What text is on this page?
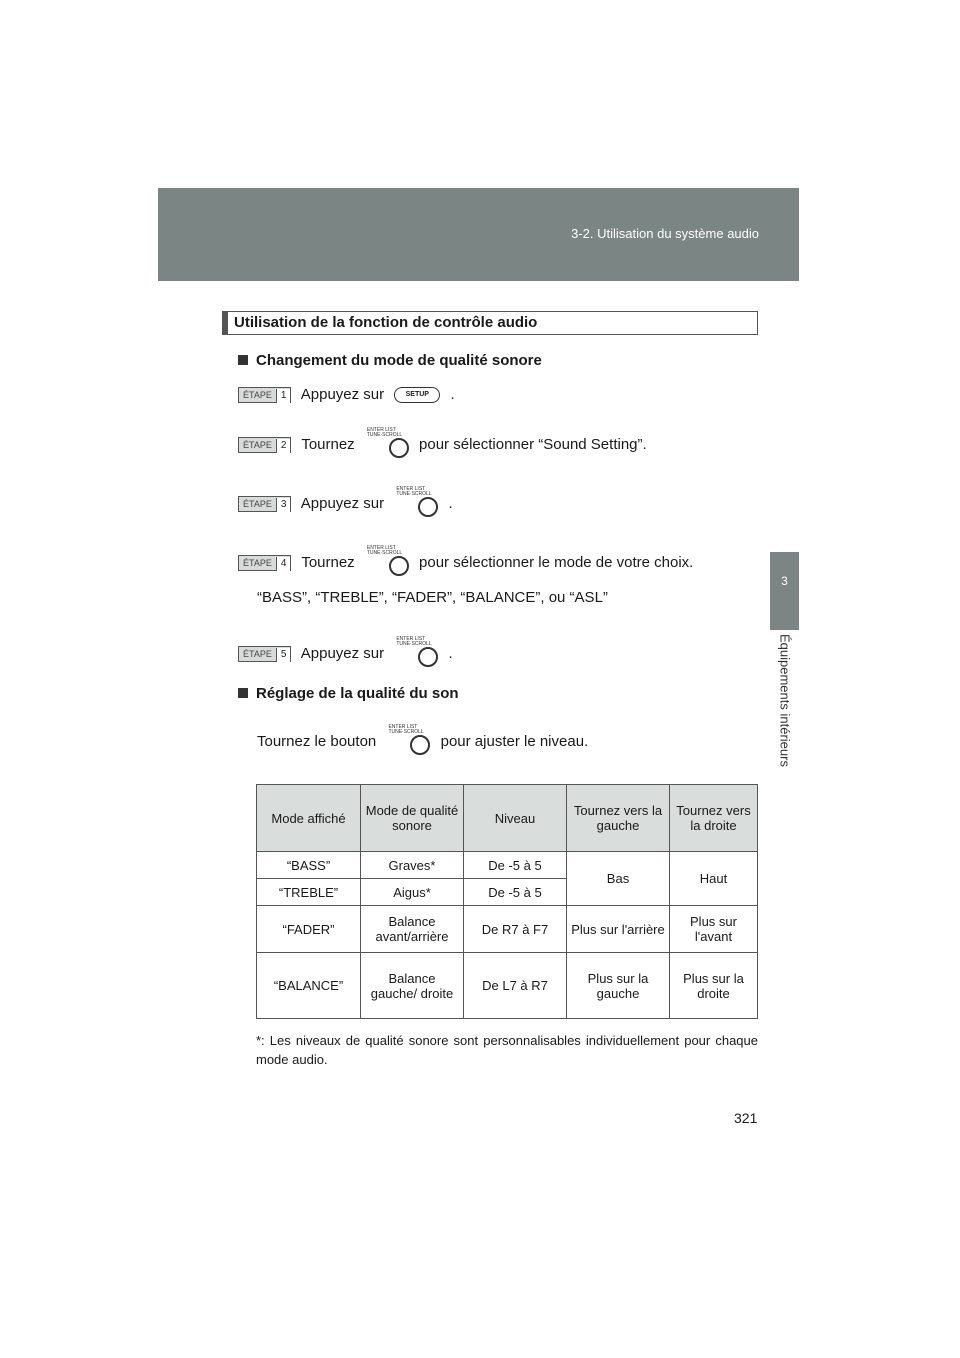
3-2. Utilisation du système audio
3
Équipements intérieurs
Utilisation de la fonction de contrôle audio
Changement du mode de qualité sonore
ÉTAPE 1 Appuyez sur	SETUP .
ÉTAPE 2 Tournez
ENTER LIST TUNE·SCROLL
pour sélectionner “Sound Setting”.
ÉTAPE 3 Appuyez sur
ENTER LIST TUNE·SCROLL
.
ÉTAPE 4 Tournez
ENTER LIST TUNE·SCROLL
pour sélectionner le mode de votre choix.
“BASS”, “TREBLE”, “FADER”, “BALANCE”, ou “ASL”
ÉTAPE 5 Appuyez sur
ENTER LIST TUNE·SCROLL
.
Réglage de la qualité du son
Tournez le bouton
ENTER LIST TUNE·SCROLL
pour ajuster le niveau.
Mode affiché	Mode de qualité sonore	Niveau	Tournez vers la gauche	Tournez vers la droite
“BASS”	Graves*	De -5 à 5	Bas	Haut
“TREBLE”	Aigus*	De -5 à 5		
“FADER”	Balance avant/arrière	De R7 à F7	Plus sur l'arrière	Plus sur l'avant
“BALANCE”	Balance gauche/ droite	De L7 à R7	Plus sur la gauche	Plus sur la droite
*: Les niveaux de qualité sonore sont personnalisables individuellement pour chaque mode audio.
321
